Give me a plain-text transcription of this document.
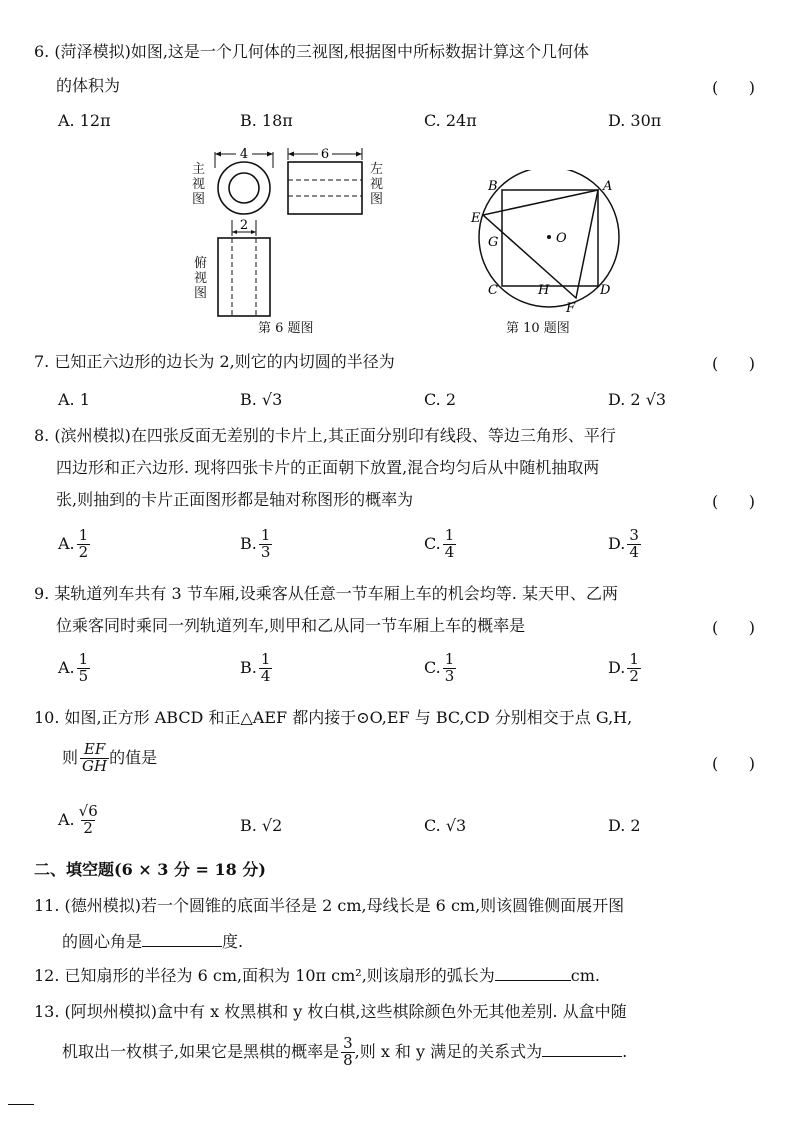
6. (菏泽模拟)如图,这是一个几何体的三视图,根据图中所标数据计算这个几何体
的体积为	(      )
A. 12π	B. 18π	C. 24π	D. 30π
4	6
2
主视图
左视图
俯视图
第 6 题图
B	A
E
G	O
C	H	D
F
第 10 题图
7. 已知正六边形的边长为 2,则它的内切圆的半径为	(      )
A. 1	B. √3	C. 2	D. 2 √3
8. (滨州模拟)在四张反面无差别的卡片上,其正面分别印有线段、等边三角形、平行
四边形和正六边形. 现将四张卡片的正面朝下放置,混合均匀后从中随机抽取两
张,则抽到的卡片正面图形都是轴对称图形的概率为	(      )
A. $\frac{1}{2}$	B. $\frac{1}{3}$	C. $\frac{1}{4}$	D. $\frac{3}{4}$
9. 某轨道列车共有 3 节车厢,设乘客从任意一节车厢上车的机会均等. 某天甲、乙两
位乘客同时乘同一列轨道列车,则甲和乙从同一节车厢上车的概率是	(      )
A. $\frac{1}{5}$	B. $\frac{1}{4}$	C. $\frac{1}{3}$	D. $\frac{1}{2}$
10. 如图,正方形 ABCD 和正△AEF 都内接于⊙O,EF 与 BC,CD 分别相交于点 G,H,
则 $\frac{EF}{GH}$ 的值是	(      )
A. $\frac{√6}{2}$	B. √2	C. √3	D. 2
二、填空题(6 × 3 分 = 18 分)
11. (德州模拟)若一个圆锥的底面半径是 2 cm,母线长是 6 cm,则该圆锥侧面展开图
的圆心角是	度.
12. 已知扇形的半径为 6 cm,面积为 10π cm²,则该扇形的弧长为	cm.
13. (阿坝州模拟)盒中有 x 枚黑棋和 y 枚白棋,这些棋除颜色外无其他差别. 从盒中随
机取出一枚棋子,如果它是黑棋的概率是 $\frac{3}{8}$ ,则 x 和 y 满足的关系式为	.
